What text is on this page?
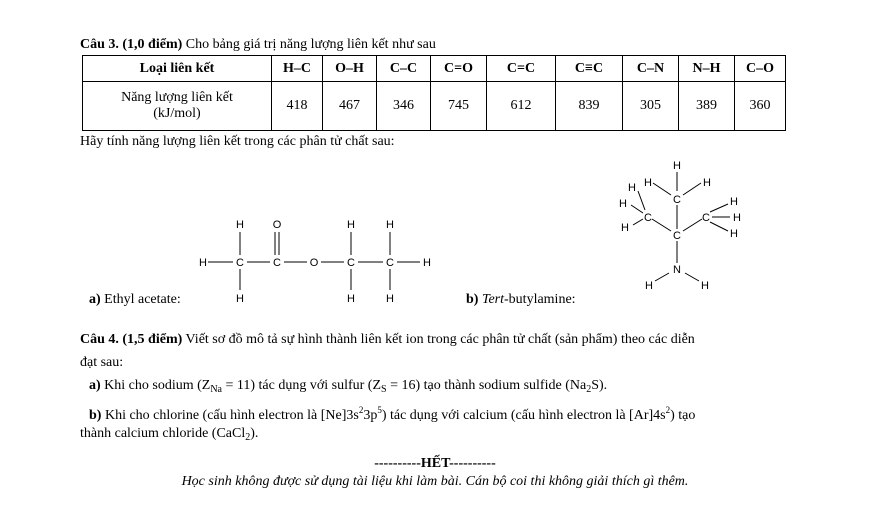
Câu 3. (1,0 điểm) Cho bảng giá trị năng lượng liên kết như sau
Loại liên kết	H–C	O–H	C–C	C=O	C=C	C≡C	C–N	N–H	C–O
Năng lượng liên kết
(kJ/mol)	418	467	346	745	612	839	305	389	360
Hãy tính năng lượng liên kết trong các phân tử chất sau:
H	O	H	H
H	C	C	O	C	C	H
H	H	H
H
H H
C
H
H
C
H
C
C
H
H
H
N
H	H
a) Ethyl acetate:	b) Tert-butylamine:
Câu 4. (1,5 điểm) Viết sơ đồ mô tả sự hình thành liên kết ion trong các phân tử chất (sản phẩm) theo các diễn
đạt sau:
a) Khi cho sodium $(Z_{Na} = 11)$ tác dụng với sulfur $(Z_S = 16)$ tạo thành sodium sulfide $(Na_2S)$.
b) Khi cho chlorine (cấu hình electron là $[Ne]3s^23p^5$) tác dụng với calcium (cấu hình electron là $[Ar]4s^2$) tạo
thành calcium chloride (CaCl$_2$).
----------HẾT----------
Học sinh không được sử dụng tài liệu khi làm bài. Cán bộ coi thi không giải thích gì thêm.
